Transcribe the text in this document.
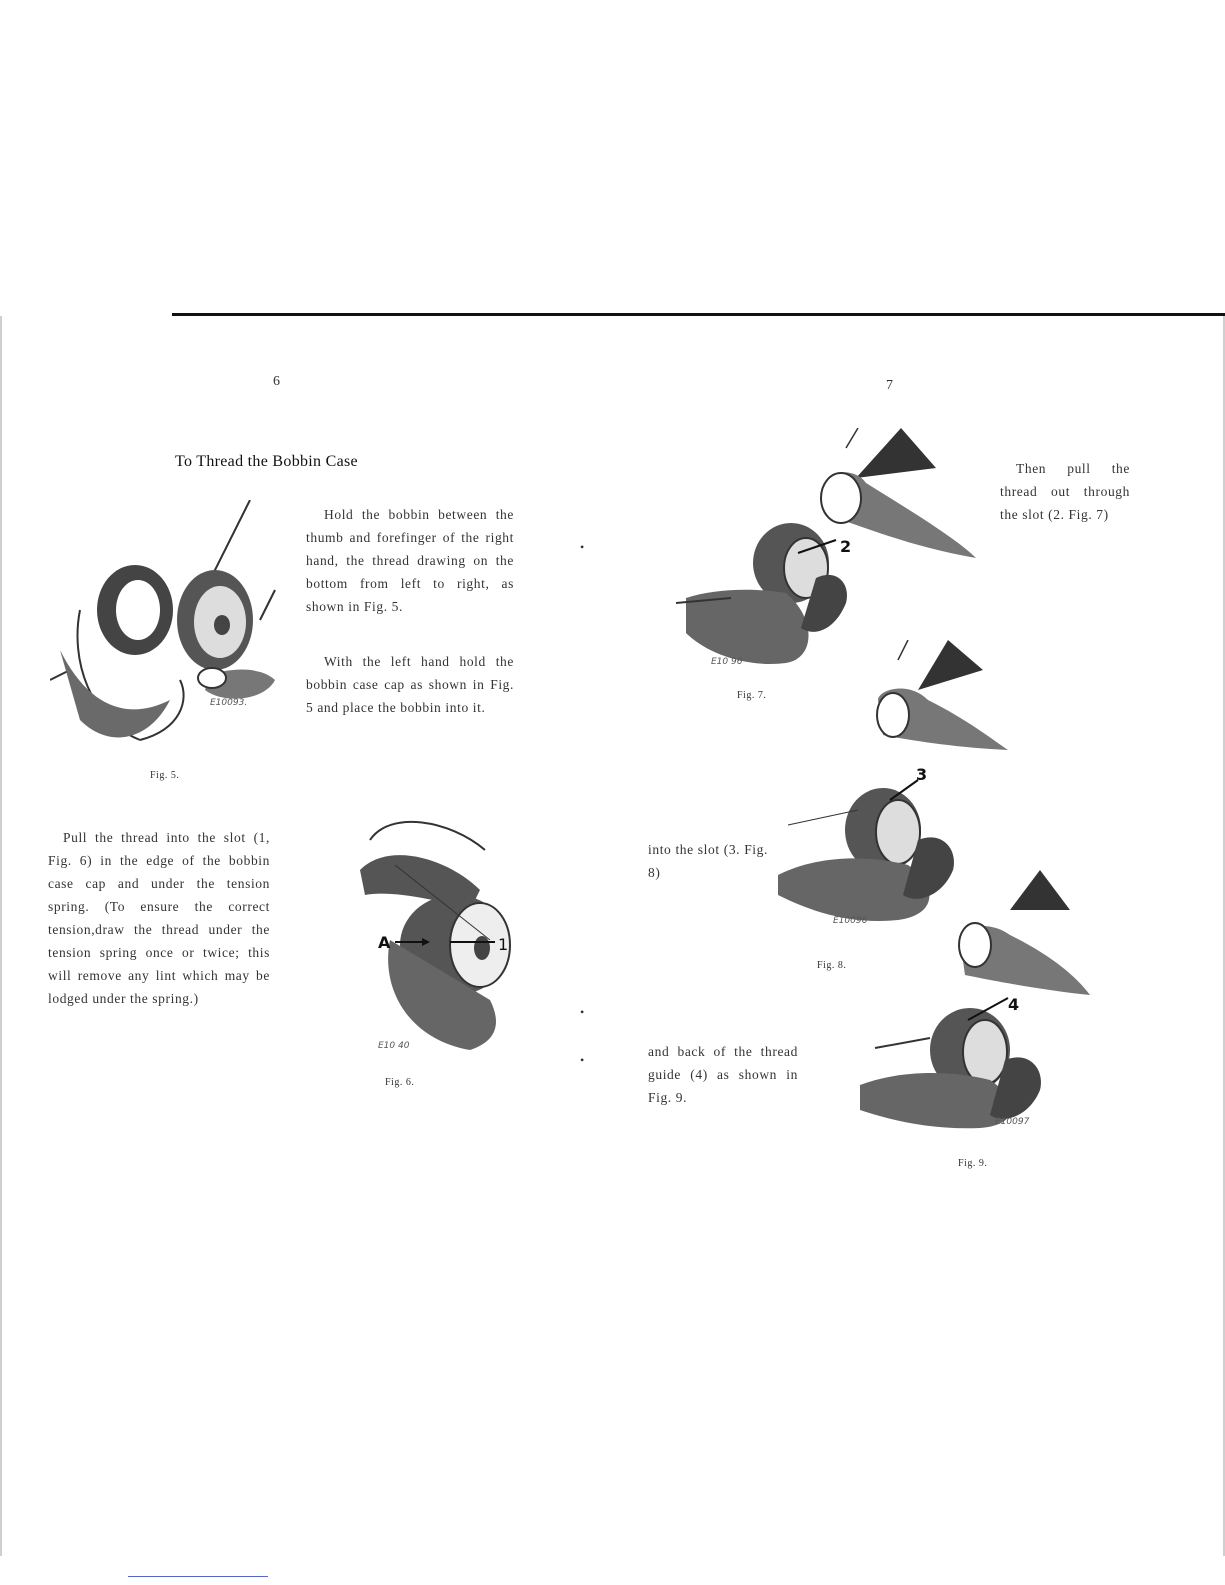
6
To Thread the Bobbin Case
E10093.
Fig. 5.

Hold the bobbin between the thumb and forefinger of the right hand, the thread drawing on the bottom from left to right, as shown in Fig. 5.

With the left hand hold the bobbin case cap as shown in Fig. 5 and place the bobbin into it.

Pull the thread into the slot (1, Fig. 6) in the edge of the bobbin case cap and under the tension spring. (To ensure the correct tension,draw the thread under the tension spring once or twice; this will remove any lint which may be lodged under the spring.)

A	1
E10 40
Fig. 6.
•
•
•
7
2
E10 96
Fig. 7.

Then pull the thread out through the slot (2. Fig. 7)

3
E10096
Fig. 8.

into the slot (3. Fig. 8)

4
E10097
Fig. 9.

and back of the thread guide (4) as shown in Fig. 9.
